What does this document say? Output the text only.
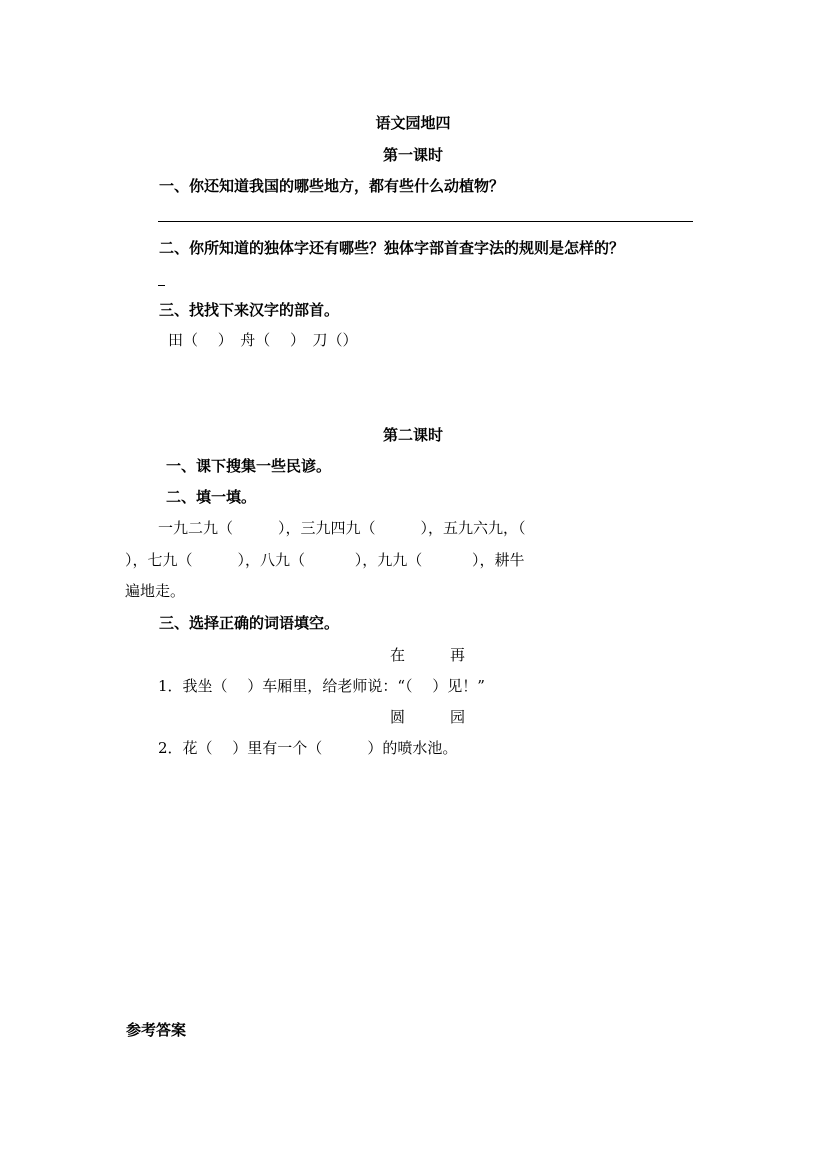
语文园地四
第一课时
一、你还知道我国的哪些地方，都有些什么动植物？
二、你所知道的独体字还有哪些？独体字部首查字法的规则是怎样的？
三、找找下来汉字的部首。
田（　 ）　舟（　 ）　刀（）
第二课时
一、课下搜集一些民谚。
二、填一填。
一九二九（　　　），三九四九（　　　），五九六九，（
），七九（　　　），八九（　　　 ），九九（　　　 ），耕牛
遍地走。
三、选择正确的词语填空。
在　　　再
1．我坐（　 ）车厢里，给老师说：“（　 ）见！”
圆　　　园
2．花（　 ）里有一个（　　　）的喷水池。
参考答案
